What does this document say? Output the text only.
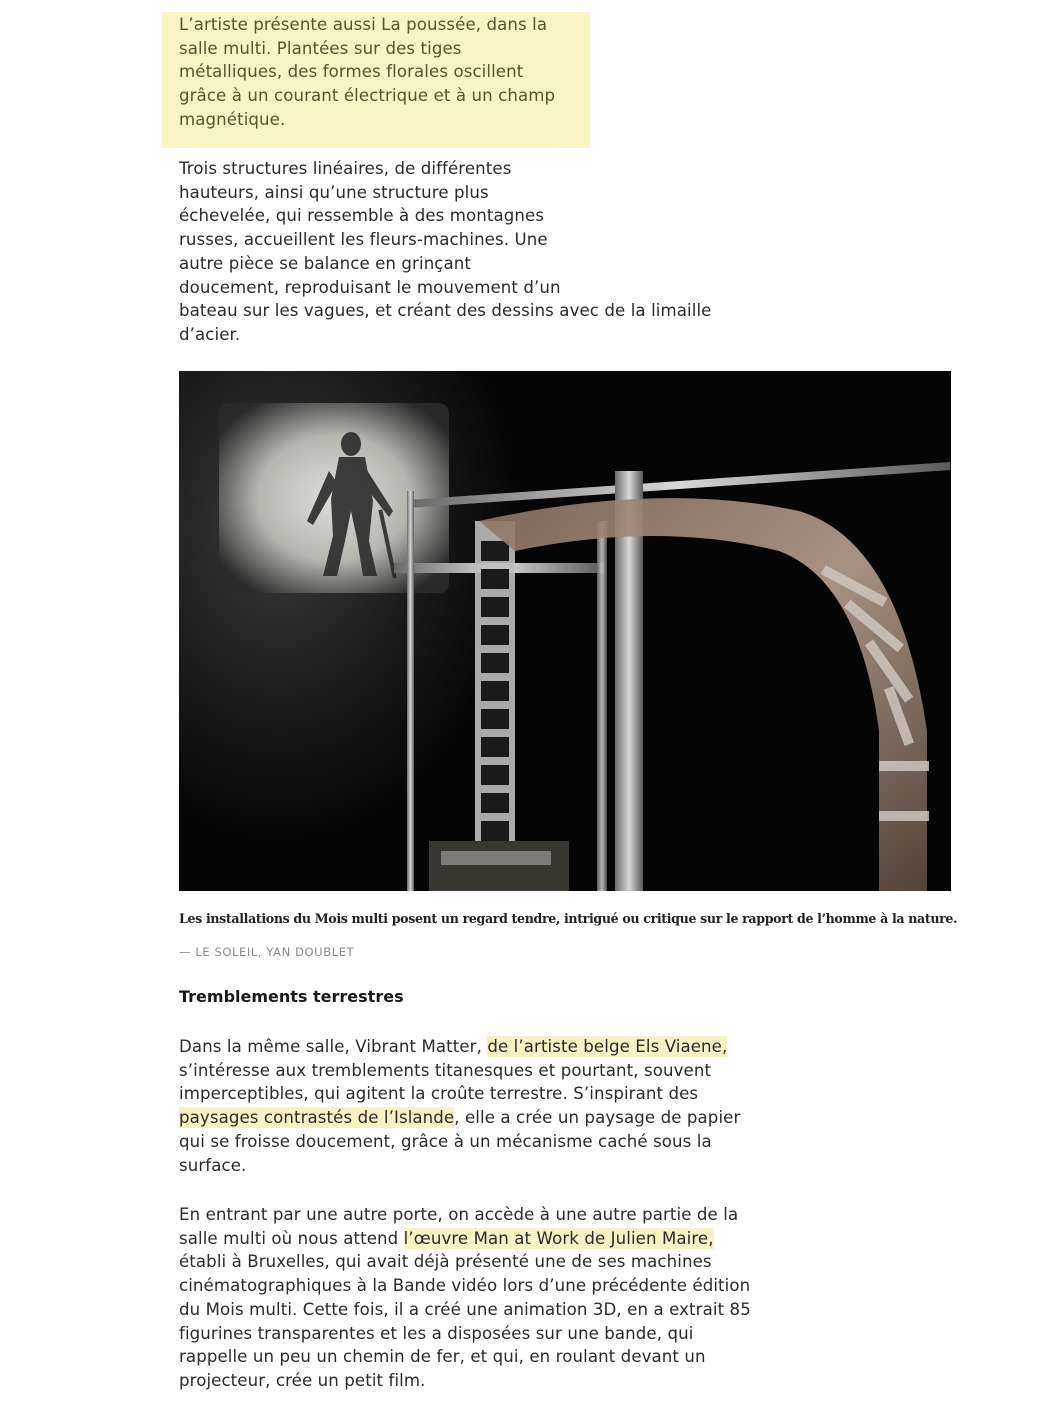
L’artiste présente aussi La poussée, dans la
salle multi. Plantées sur des tiges
métalliques, des formes florales oscillent
grâce à un courant électrique et à un champ
magnétique.

Trois structures linéaires, de différentes
hauteurs, ainsi qu’une structure plus
échevelée, qui ressemble à des montagnes
russes, accueillent les fleurs-machines. Une
autre pièce se balance en grinçant
doucement, reproduisant le mouvement d’un
bateau sur les vagues, et créant des dessins avec de la limaille
d’acier.

Les installations du Mois multi posent un regard tendre, intrigué ou critique sur le rapport de l’homme à la nature.

— LE SOLEIL, YAN DOUBLET

Tremblements terrestres

Dans la même salle, Vibrant Matter, de l’artiste belge Els Viaene,
s’intéresse aux tremblements titanesques et pourtant, souvent
imperceptibles, qui agitent la croûte terrestre. S’inspirant des
paysages contrastés de l’Islande, elle a crée un paysage de papier
qui se froisse doucement, grâce à un mécanisme caché sous la
surface.

En entrant par une autre porte, on accède à une autre partie de la
salle multi où nous attend l’œuvre Man at Work de Julien Maire,
établi à Bruxelles, qui avait déjà présenté une de ses machines
cinématographiques à la Bande vidéo lors d’une précédente édition
du Mois multi. Cette fois, il a créé une animation 3D, en a extrait 85
figurines transparentes et les a disposées sur une bande, qui
rappelle un peu un chemin de fer, et qui, en roulant devant un
projecteur, crée un petit film.
